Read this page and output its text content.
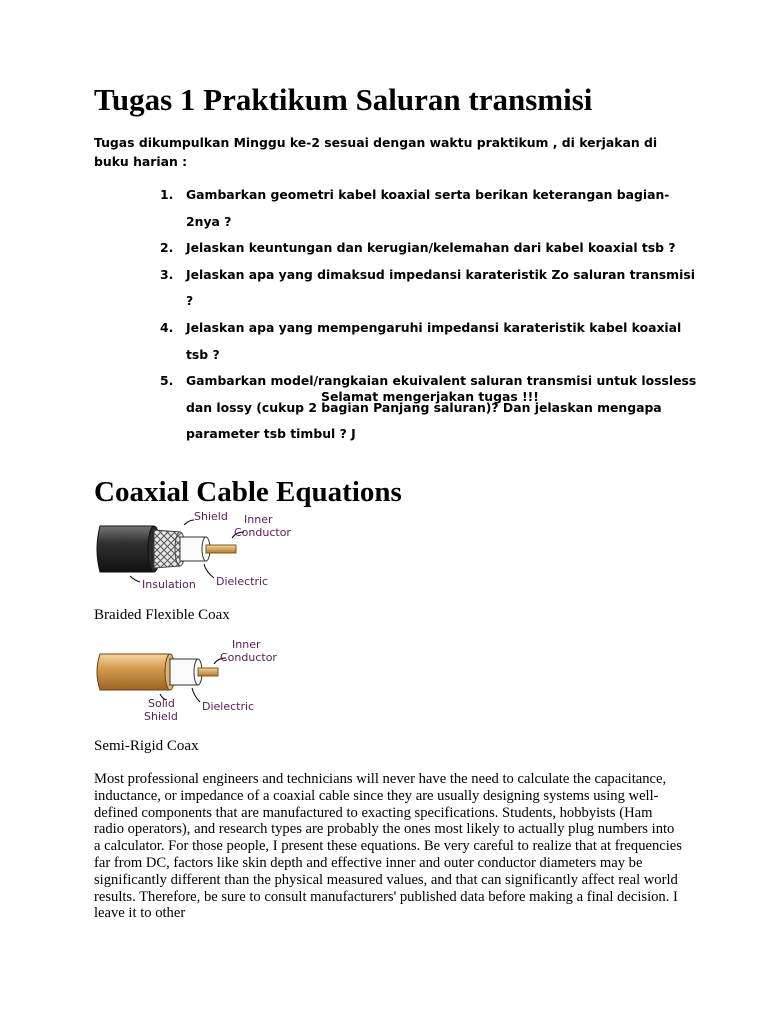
Tugas 1 Praktikum Saluran transmisi
Tugas dikumpulkan Minggu ke-2 sesuai dengan waktu praktikum , di kerjakan di buku harian :
1. Gambarkan geometri kabel koaxial serta berikan keterangan bagian-2nya ?
2. Jelaskan keuntungan dan kerugian/kelemahan dari kabel koaxial tsb ?
3. Jelaskan apa yang dimaksud impedansi karateristik Zo saluran transmisi ?
4. Jelaskan apa yang mempengaruhi impedansi karateristik kabel koaxial tsb ?
5. Gambarkan model/rangkaian ekuivalent saluran transmisi untuk lossless dan lossy (cukup 2 bagian Panjang saluran)? Dan jelaskan mengapa parameter tsb timbul ? J
Selamat mengerjakan tugas !!!
Coaxial Cable Equations
Shield Inner
Conductor
Insulation Dielectric
Braided Flexible Coax
Inner
Conductor
Solid
Shield
Dielectric
Semi-Rigid Coax

Most professional engineers and technicians will never have the need to calculate the capacitance, inductance, or impedance of a coaxial cable since they are usually designing systems using well-defined components that are manufactured to exacting specifications. Students, hobbyists (Ham radio operators), and research types are probably the ones most likely to actually plug numbers into a calculator. For those people, I present these equations. Be very careful to realize that at frequencies far from DC, factors like skin depth and effective inner and outer conductor diameters may be significantly different than the physical measured values, and that can significantly affect real world results. Therefore, be sure to consult manufacturers' published data before making a final decision. I leave it to other
